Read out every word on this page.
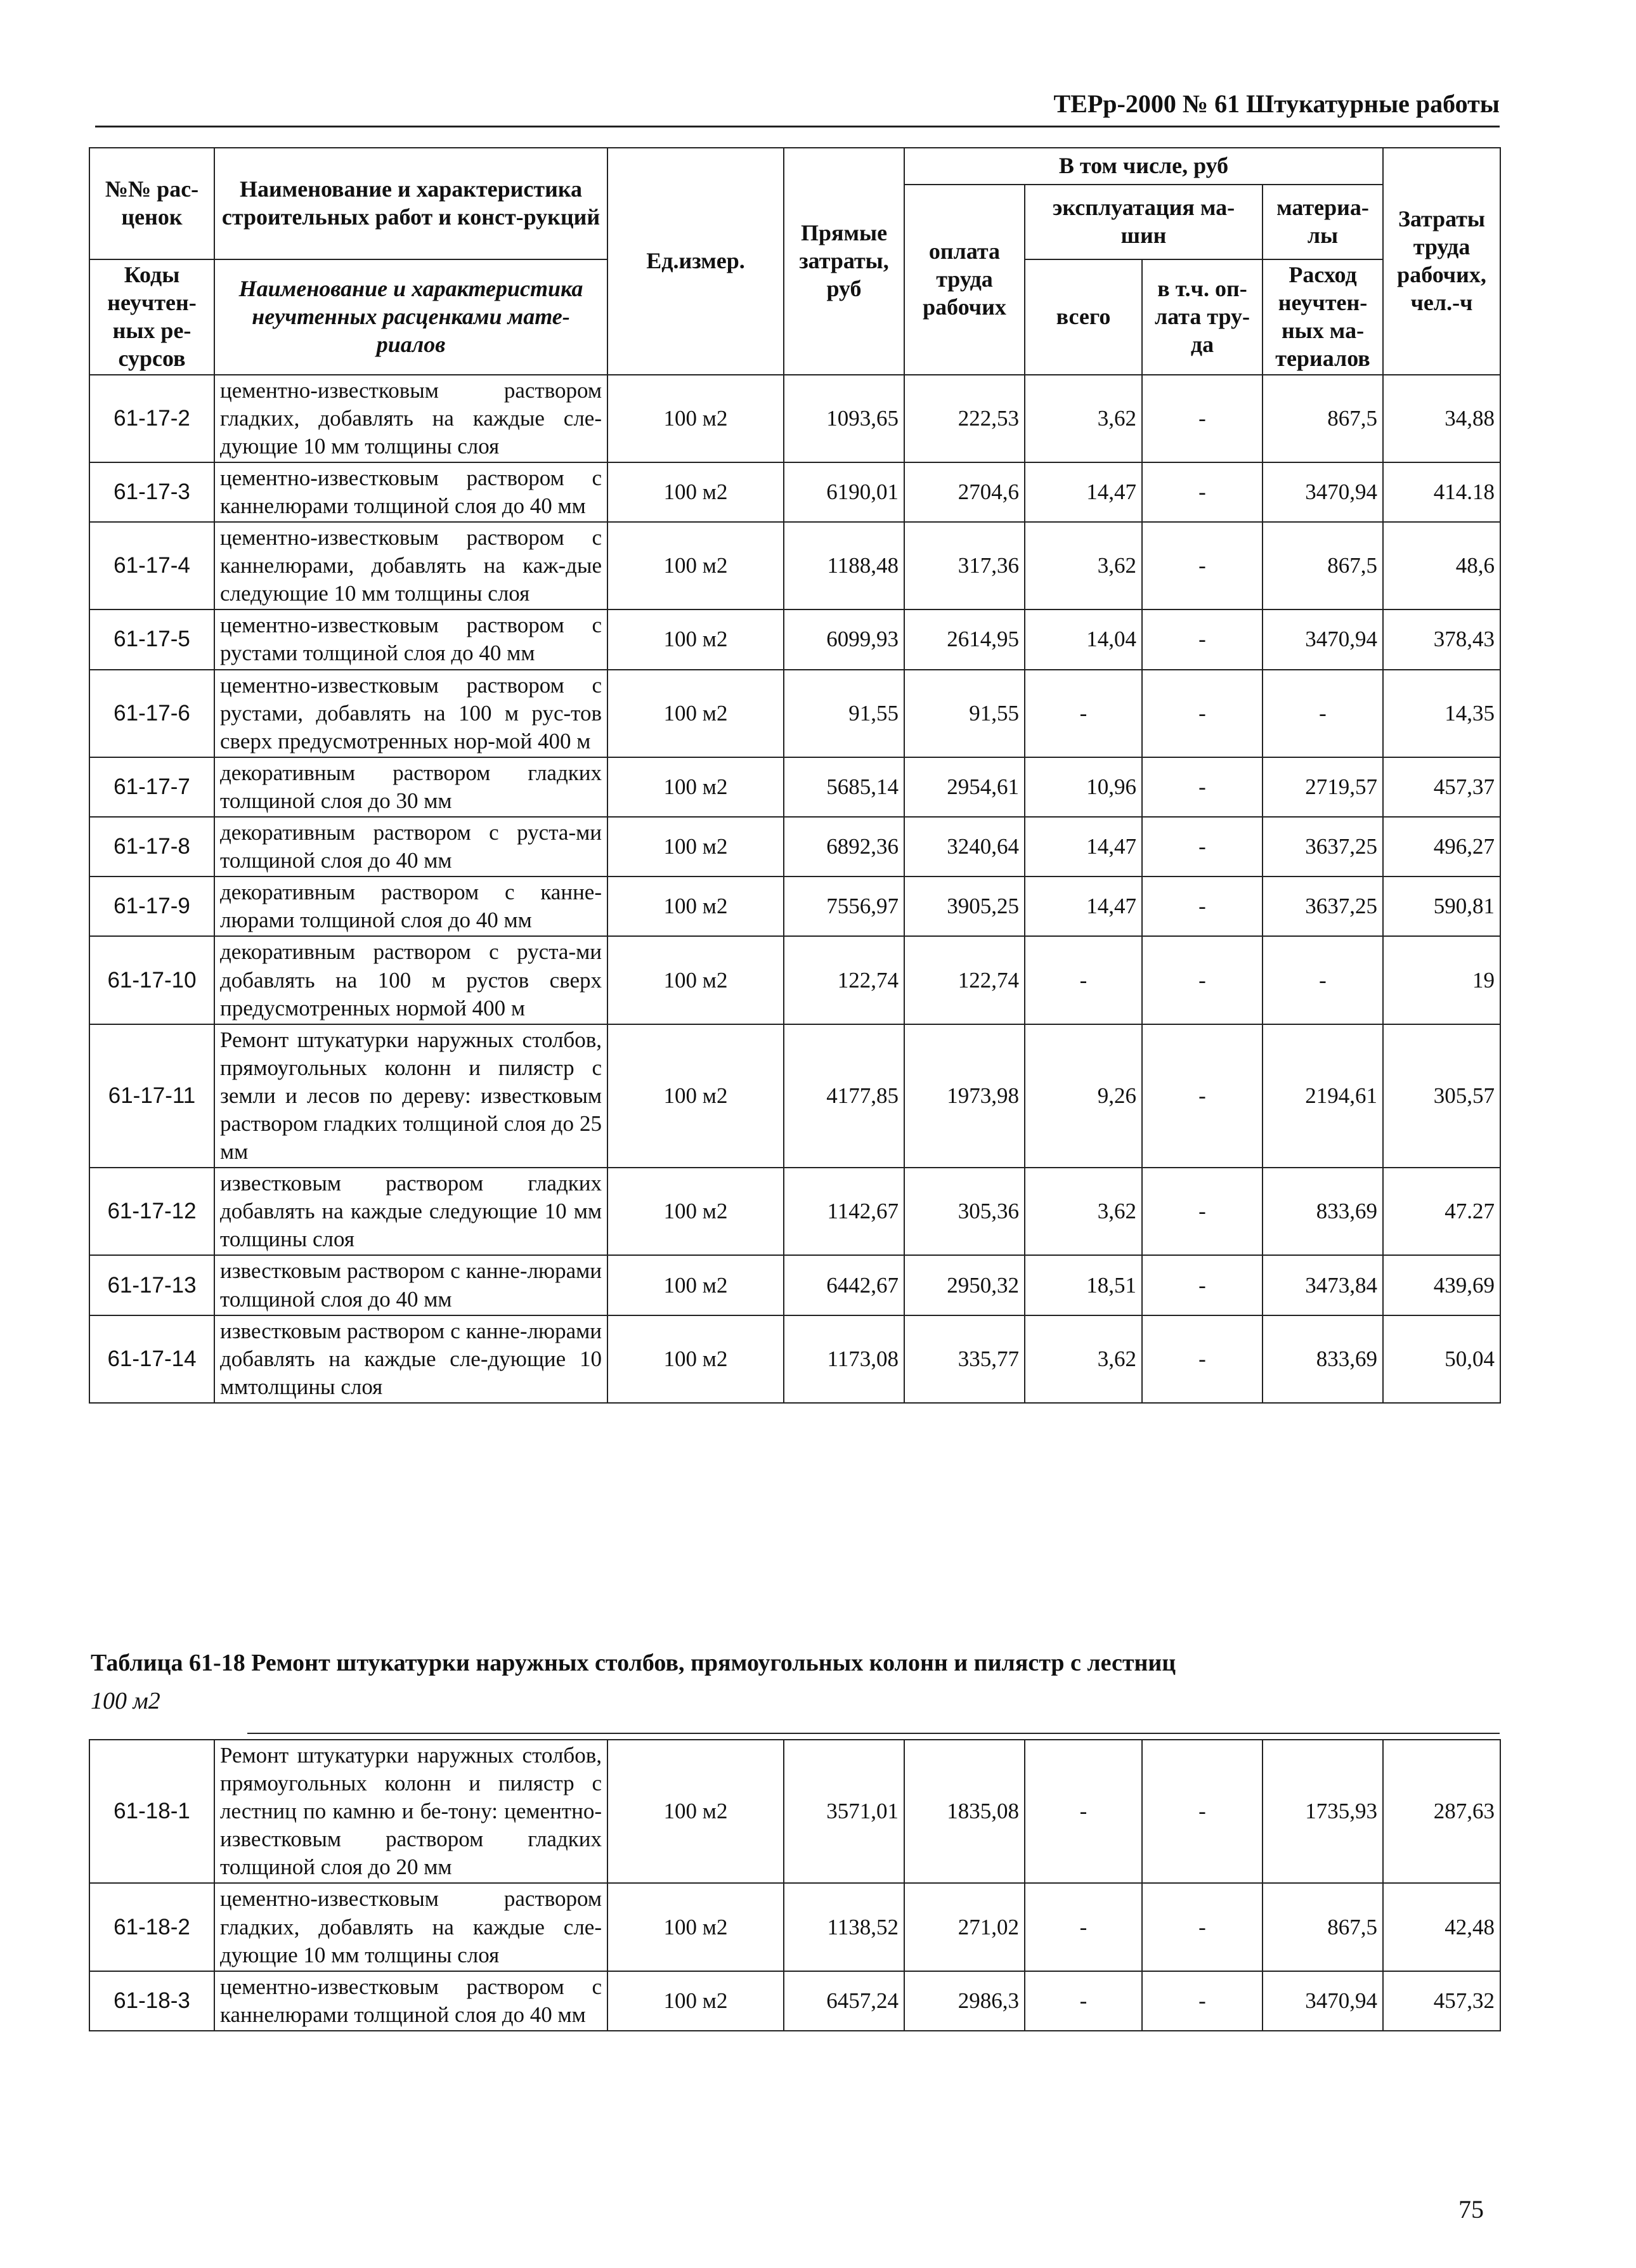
ТЕРр-2000 № 61 Штукатурные работы
№№ рас-ценок	Наименование и характеристика строительных работ и конст-рукций	Ед.измер.	Прямые затраты, руб	В том числе, руб				Затраты труда рабочих, чел.-ч
				оплата труда рабочих	эксплуатация ма-шин		материа-лы	

Коды неучтен-ных ре-сурсов	Наименование и характеристика неучтенных расценками мате-риалов				всего	в т.ч. оп-лата тру-да	Расход неучтен-ных ма-териалов	

61-17-2	цементно-известковым раствором гладких, добавлять на каждые сле-дующие 10 мм толщины слоя	100 м2	1093,65	222,53	3,62	-	867,5	34,88
61-17-3	цементно-известковым раствором с каннелюрами толщиной слоя до 40 мм	100 м2	6190,01	2704,6	14,47	-	3470,94	414.18
61-17-4	цементно-известковым раствором с каннелюрами, добавлять на каж-дые следующие 10 мм толщины слоя	100 м2	1188,48	317,36	3,62	-	867,5	48,6
61-17-5	цементно-известковым раствором с рустами толщиной слоя до 40 мм	100 м2	6099,93	2614,95	14,04	-	3470,94	378,43
61-17-6	цементно-известковым раствором с рустами, добавлять на 100 м рус-тов сверх предусмотренных нор-мой 400 м	100 м2	91,55	91,55	-	-	-	14,35
61-17-7	декоративным раствором гладких толщиной слоя до 30 мм	100 м2	5685,14	2954,61	10,96	-	2719,57	457,37
61-17-8	декоративным раствором с руста-ми толщиной слоя до 40 мм	100 м2	6892,36	3240,64	14,47	-	3637,25	496,27
61-17-9	декоративным раствором с канне-люрами толщиной слоя до 40 мм	100 м2	7556,97	3905,25	14,47	-	3637,25	590,81
61-17-10	декоративным раствором с руста-ми добавлять на 100 м рустов сверх предусмотренных нормой 400 м	100 м2	122,74	122,74	-	-	-	19
61-17-11	Ремонт штукатурки наружных столбов, прямоугольных колонн и пилястр с земли и лесов по дереву: известковым раствором гладких толщиной слоя до 25 мм	100 м2	4177,85	1973,98	9,26	-	2194,61	305,57
61-17-12	известковым раствором гладких добавлять на каждые следующие 10 мм толщины слоя	100 м2	1142,67	305,36	3,62	-	833,69	47.27
61-17-13	известковым раствором с канне-люрами толщиной слоя до 40 мм	100 м2	6442,67	2950,32	18,51	-	3473,84	439,69
61-17-14	известковым раствором с канне-люрами добавлять на каждые сле-дующие 10 ммтолщины слоя	100 м2	1173,08	335,77	3,62	-	833,69	50,04
Таблица 61-18 Ремонт штукатурки наружных столбов, прямоугольных колонн и пилястр с лестниц
100 м2
61-18-1	Ремонт штукатурки наружных столбов, прямоугольных колонн и пилястр с лестниц по камню и бе-тону: цементно-известковым раствором гладких толщиной слоя до 20 мм	100 м2	3571,01	1835,08	-	-	1735,93	287,63
61-18-2	цементно-известковым раствором гладких, добавлять на каждые сле-дующие 10 мм толщины слоя	100 м2	1138,52	271,02	-	-	867,5	42,48
61-18-3	цементно-известковым раствором с каннелюрами толщиной слоя до 40 мм	100 м2	6457,24	2986,3	-	-	3470,94	457,32
75
